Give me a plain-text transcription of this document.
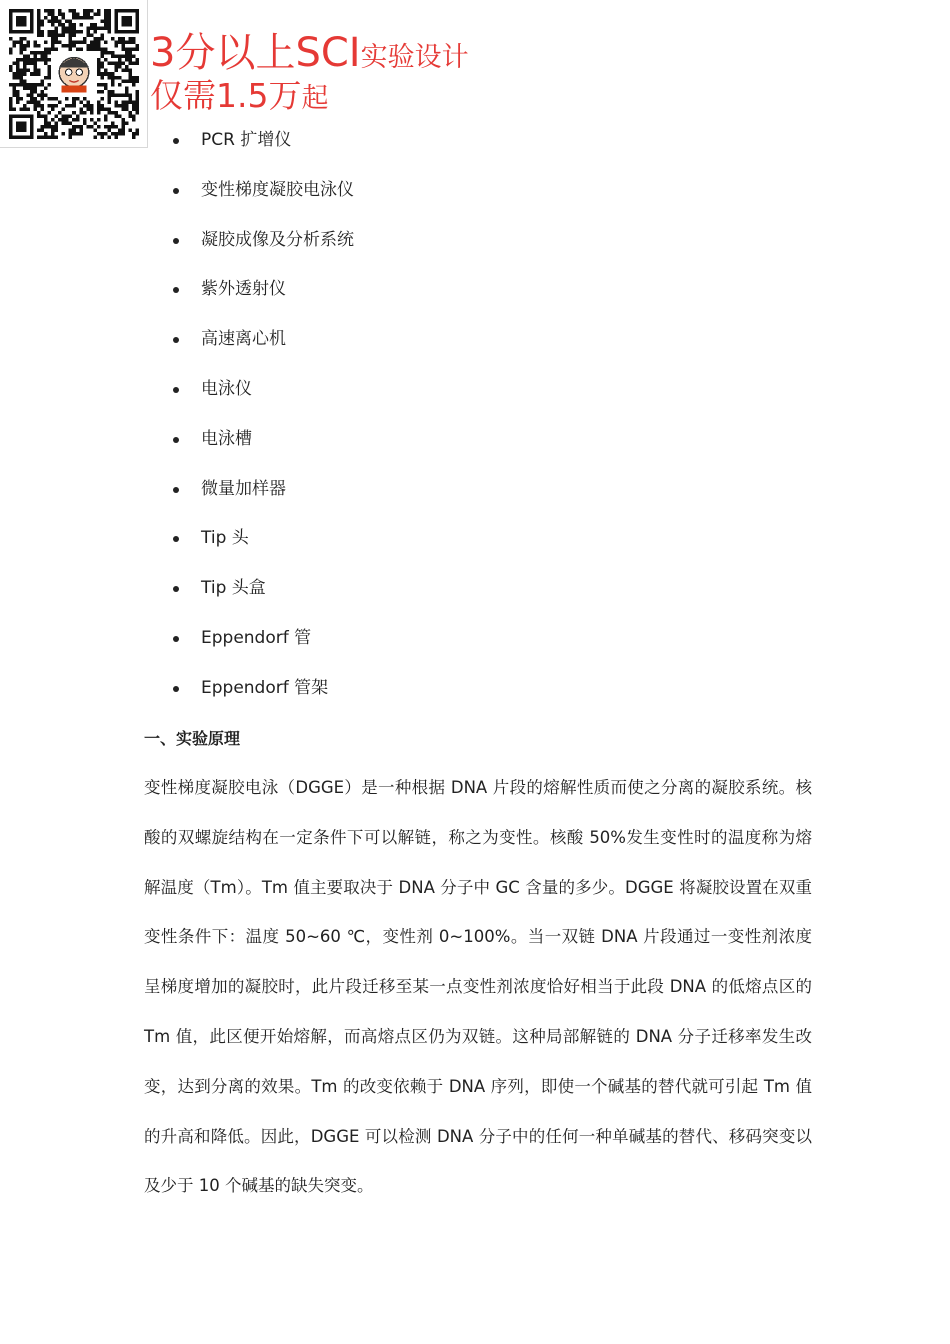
3分以上SCI实验设计
仅需1.5万起
PCR 扩增仪
变性梯度凝胶电泳仪
凝胶成像及分析系统
紫外透射仪
高速离心机
电泳仪
电泳槽
微量加样器
Tip 头
Tip 头盒
Eppendorf 管
Eppendorf 管架
一、实验原理

变性梯度凝胶电泳（DGGE）是一种根据 DNA 片段的熔解性质而使之分离的凝胶系统。核酸的双螺旋结构在一定条件下可以解链，称之为变性。核酸 50%发生变性时的温度称为熔解温度（Tm）。Tm 值主要取决于 DNA 分子中 GC 含量的多少。DGGE 将凝胶设置在双重变性条件下：温度 50~60 ℃，变性剂 0~100%。当一双链 DNA 片段通过一变性剂浓度呈梯度增加的凝胶时，此片段迁移至某一点变性剂浓度恰好相当于此段 DNA 的低熔点区的 Tm 值，此区便开始熔解，而高熔点区仍为双链。这种局部解链的 DNA 分子迁移率发生改变，达到分离的效果。Tm 的改变依赖于 DNA 序列，即使一个碱基的替代就可引起 Tm 值的升高和降低。因此，DGGE 可以检测 DNA 分子中的任何一种单碱基的替代、移码突变以及少于 10 个碱基的缺失突变。
